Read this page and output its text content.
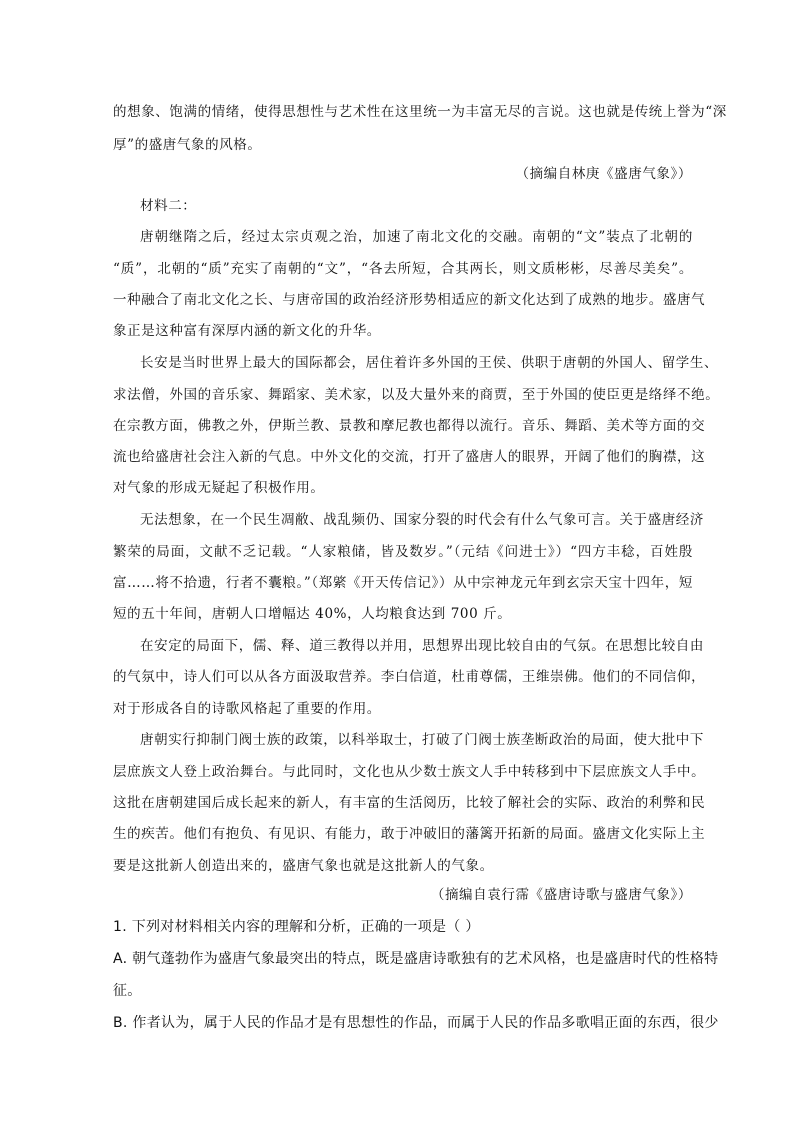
的想象、饱满的情绪，使得思想性与艺术性在这里统一为丰富无尽的言说。这也就是传统上誉为“深
厚”的盛唐气象的风格。
（摘编自林庚《盛唐气象》）
材料二：
唐朝继隋之后，经过太宗贞观之治，加速了南北文化的交融。南朝的“文”装点了北朝的
“质”，北朝的“质”充实了南朝的“文”，“各去所短，合其两长，则文质彬彬，尽善尽美矣”。
一种融合了南北文化之长、与唐帝国的政治经济形势相适应的新文化达到了成熟的地步。盛唐气
象正是这种富有深厚内涵的新文化的升华。
长安是当时世界上最大的国际都会，居住着许多外国的王侯、供职于唐朝的外国人、留学生、
求法僧，外国的音乐家、舞蹈家、美术家，以及大量外来的商贾，至于外国的使臣更是络绎不绝。
在宗教方面，佛教之外，伊斯兰教、景教和摩尼教也都得以流行。音乐、舞蹈、美术等方面的交
流也给盛唐社会注入新的气息。中外文化的交流，打开了盛唐人的眼界，开阔了他们的胸襟，这
对气象的形成无疑起了积极作用。
无法想象，在一个民生凋敝、战乱频仍、国家分裂的时代会有什么气象可言。关于盛唐经济
繁荣的局面，文献不乏记载。“人家粮储，皆及数岁。”（元结《问进士》）“四方丰稔，百姓殷
富……将不拾遗，行者不囊粮。”（郑綮《开天传信记》）从中宗神龙元年到玄宗天宝十四年，短
短的五十年间，唐朝人口增幅达 40%，人均粮食达到 700 斤。
在安定的局面下，儒、释、道三教得以并用，思想界出现比较自由的气氛。在思想比较自由
的气氛中，诗人们可以从各方面汲取营养。李白信道，杜甫尊儒，王维崇佛。他们的不同信仰，
对于形成各自的诗歌风格起了重要的作用。
唐朝实行抑制门阀士族的政策，以科举取士，打破了门阀士族垄断政治的局面，使大批中下
层庶族文人登上政治舞台。与此同时，文化也从少数士族文人手中转移到中下层庶族文人手中。
这批在唐朝建国后成长起来的新人，有丰富的生活阅历，比较了解社会的实际、政治的利弊和民
生的疾苦。他们有抱负、有见识、有能力，敢于冲破旧的藩篱开拓新的局面。盛唐文化实际上主
要是这批新人创造出来的，盛唐气象也就是这批新人的气象。
（摘编自袁行霈《盛唐诗歌与盛唐气象》）
1. 下列对材料相关内容的理解和分析，正确的一项是（ ）
A. 朝气蓬勃作为盛唐气象最突出的特点，既是盛唐诗歌独有的艺术风格，也是盛唐时代的性格特
征。
B. 作者认为，属于人民的作品才是有思想性的作品，而属于人民的作品多歌唱正面的东西，很少
